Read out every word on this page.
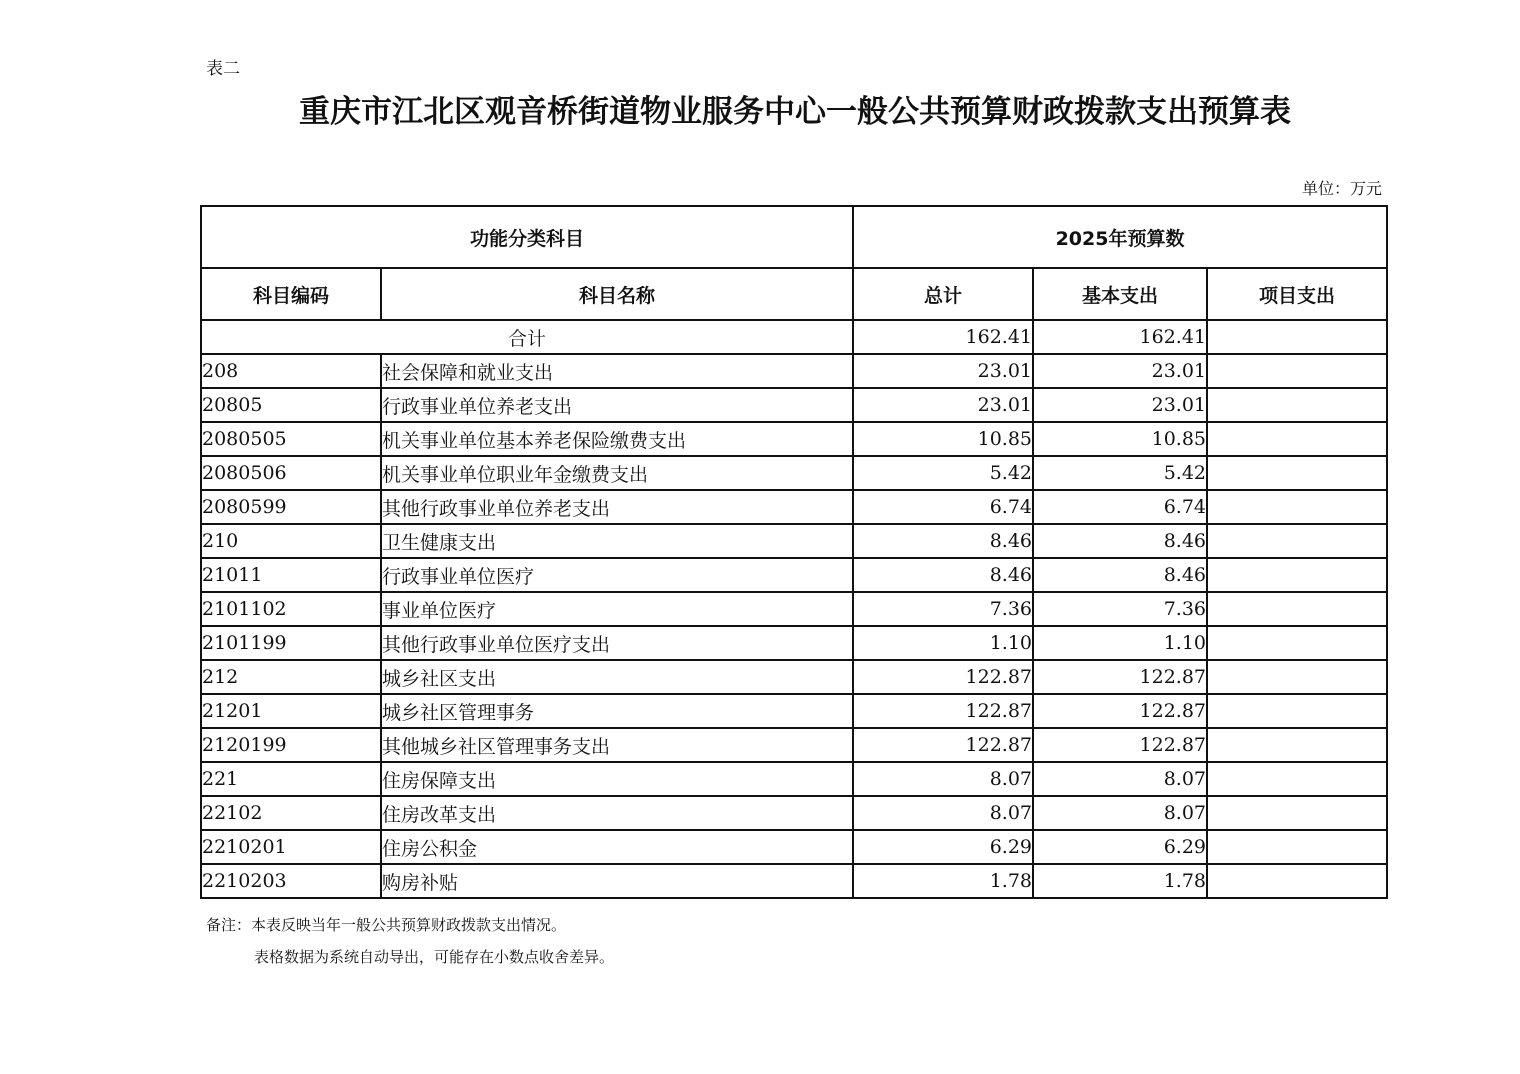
表二
重庆市江北区观音桥街道物业服务中心一般公共预算财政拨款支出预算表
单位：万元
功能分类科目		2025年预算数		
科目编码	科目名称	总计	基本支出	项目支出
合计		162.41	162.41	
208	社会保障和就业支出	23.01	23.01	
20805	行政事业单位养老支出	23.01	23.01	
2080505	机关事业单位基本养老保险缴费支出	10.85	10.85	
2080506	机关事业单位职业年金缴费支出	5.42	5.42	
2080599	其他行政事业单位养老支出	6.74	6.74	
210	卫生健康支出	8.46	8.46	
21011	行政事业单位医疗	8.46	8.46	
2101102	事业单位医疗	7.36	7.36	
2101199	其他行政事业单位医疗支出	1.10	1.10	
212	城乡社区支出	122.87	122.87	
21201	城乡社区管理事务	122.87	122.87	
2120199	其他城乡社区管理事务支出	122.87	122.87	
221	住房保障支出	8.07	8.07	
22102	住房改革支出	8.07	8.07	
2210201	住房公积金	6.29	6.29	
2210203	购房补贴	1.78	1.78	
备注：本表反映当年一般公共预算财政拨款支出情况。
表格数据为系统自动导出，可能存在小数点收舍差异。
